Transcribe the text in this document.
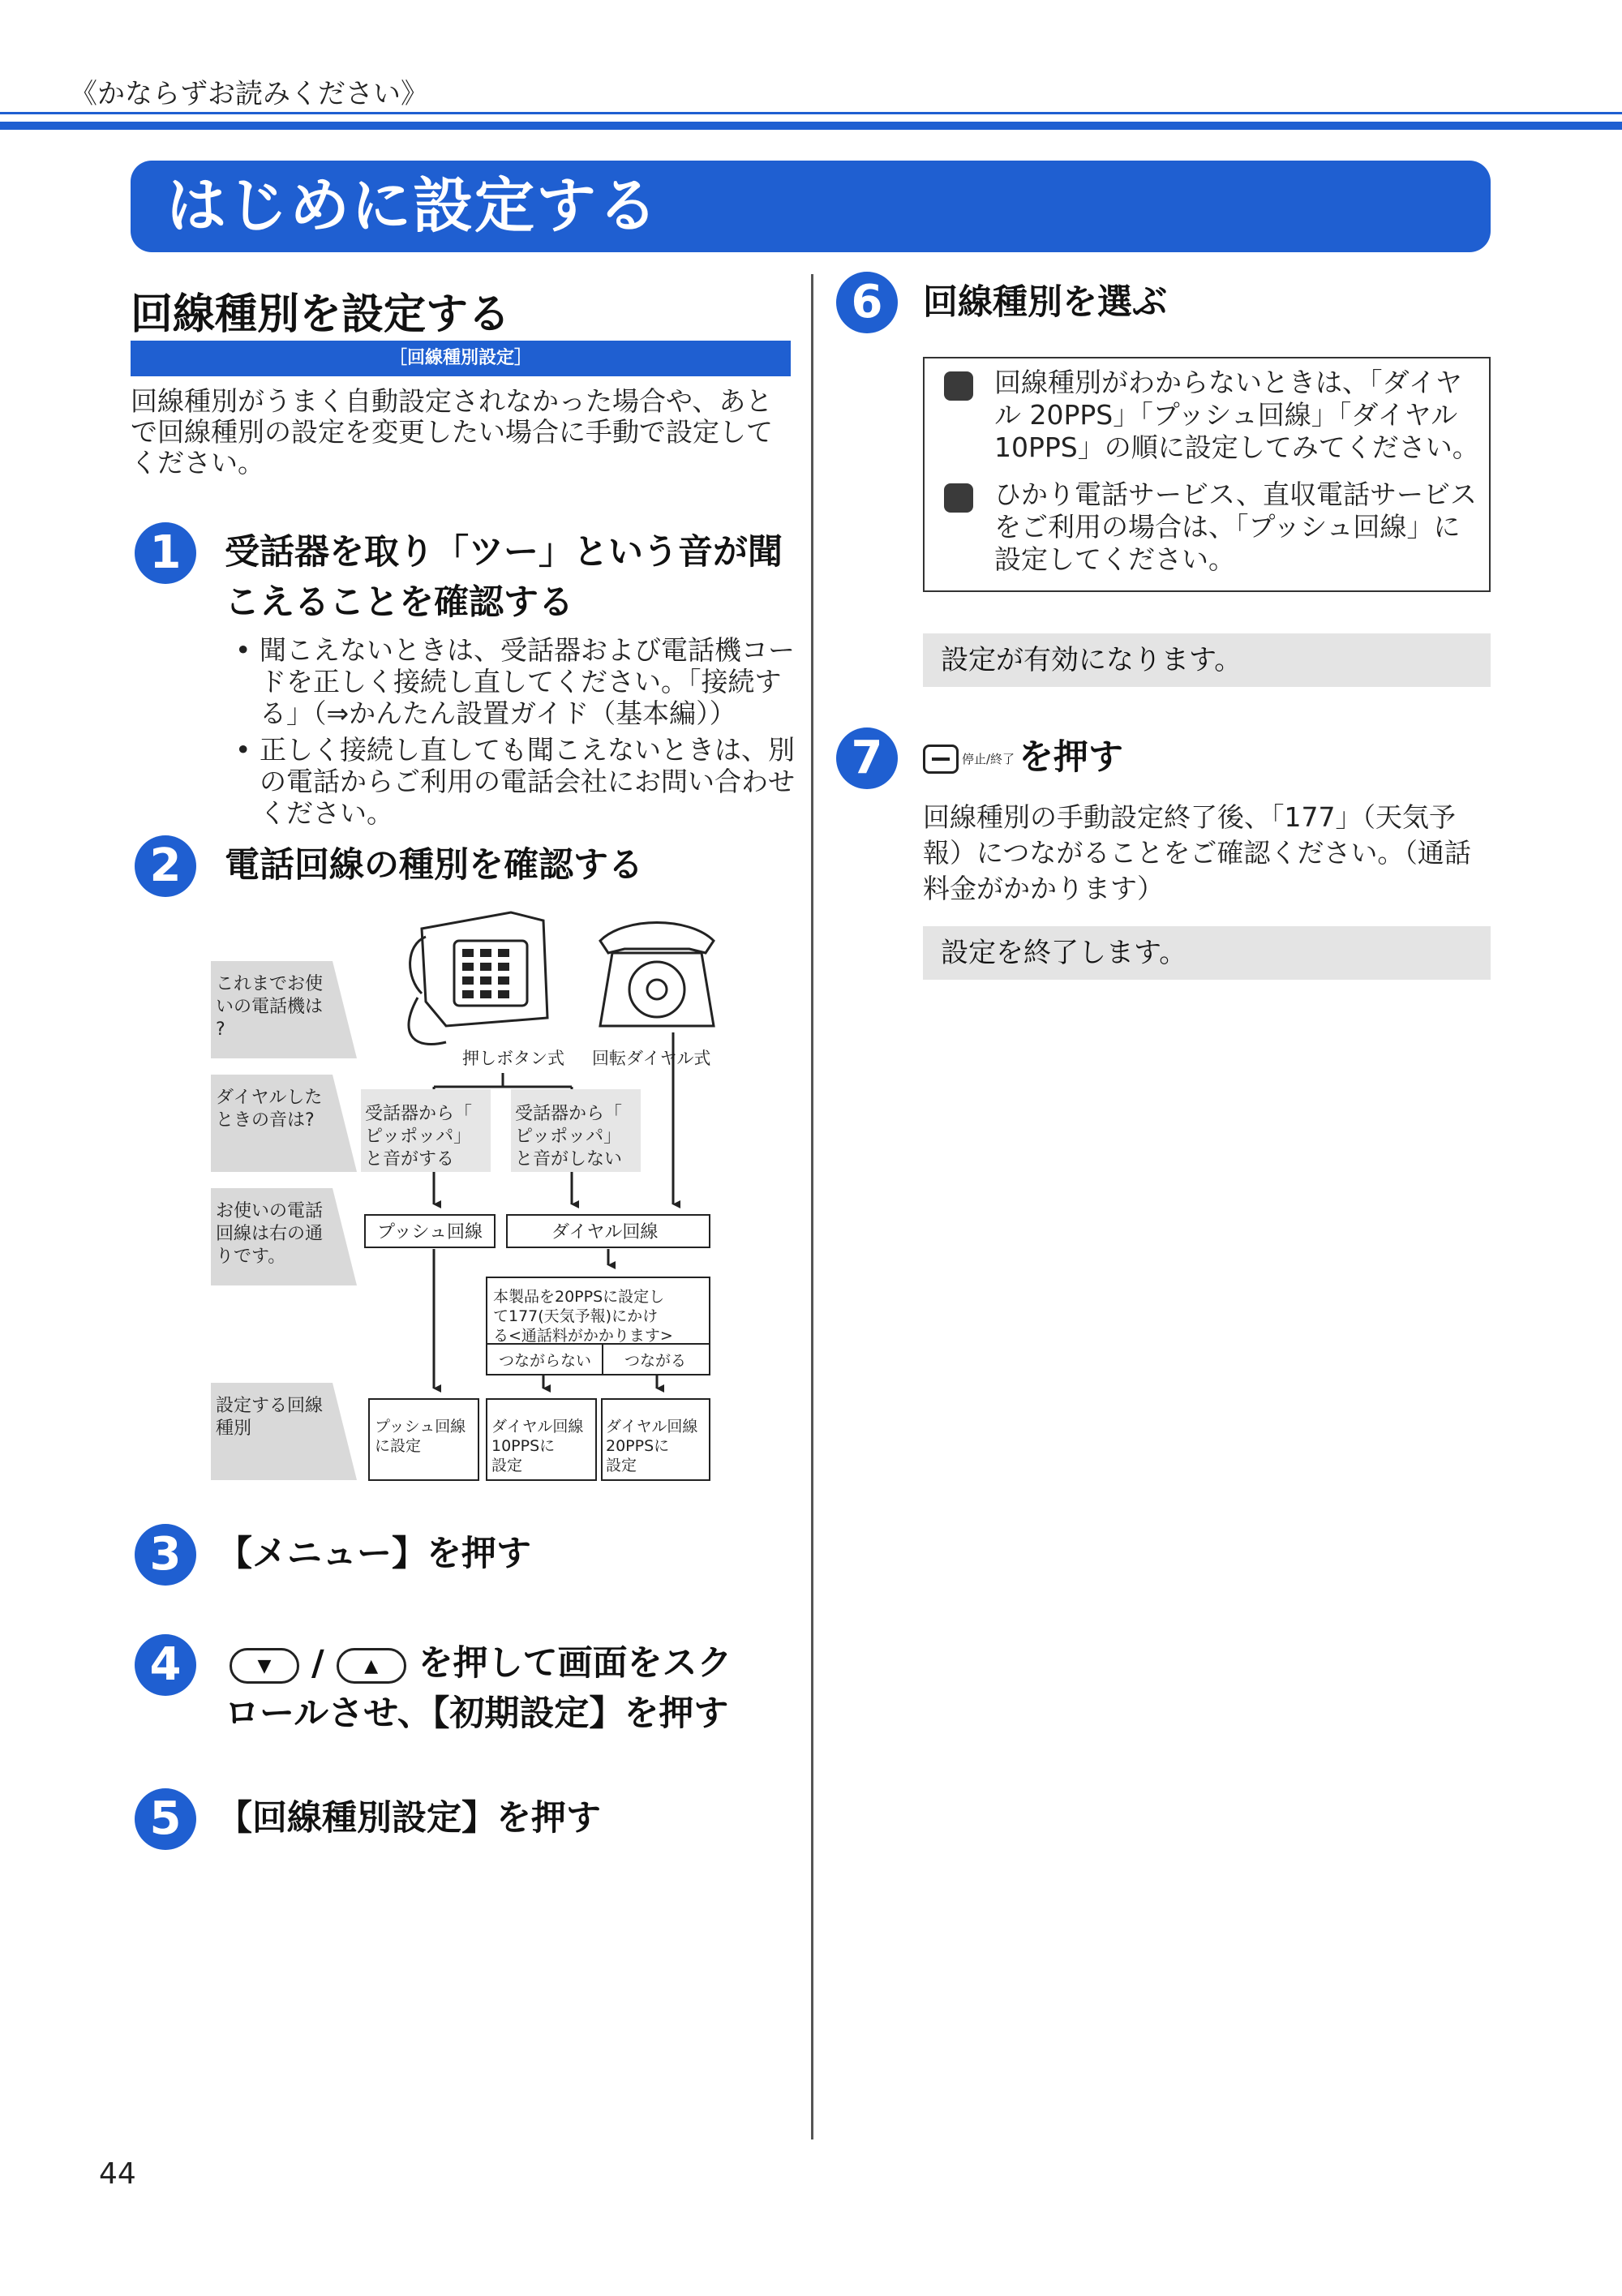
《かならずお読みください》
はじめに設定する
回線種別を設定する
［回線種別設定］
回線種別がうまく自動設定されなかった場合や、あとで回線種別の設定を変更したい場合に手動で設定してください。
1	受話器を取り「ツー」という音が聞
こえることを確認する
• 聞こえないときは、受話器および電話機コードを正しく接続し直してください。「接続する」（⇒かんたん設置ガイド（基本編））
• 正しく接続し直しても聞こえないときは、別の電話からご利用の電話会社にお問い合わせください。
2	電話回線の種別を確認する
押しボタン式 回転ダイヤル式
これまでお使いの電話機は?
ダイヤルしたときの音は?
お使いの電話回線は右の通りです。
設定する回線種別
受話器から「ピッポッパ」と音がする
受話器から「ピッポッパ」と音がしない
プッシュ回線	ダイヤル回線
本製品を20PPSに設定して177(天気予報)にかける<通話料がかかります>
つながらない つながる
プッシュ回線に設定
ダイヤル回線 10PPSに設定
ダイヤル回線 20PPSに設定
3	【メニュー】を押す
4	▼ / ▲ を押して画面をスク
ロールさせ、【初期設定】を押す
5	【回線種別設定】を押す
6	回線種別を選ぶ
回線種別がわからないときは、「ダイヤル 20PPS」「プッシュ回線」「ダイヤル10PPS」の順に設定してみてください。
ひかり電話サービス、直収電話サービスをご利用の場合は、「プッシュ回線」に設定してください。
設定が有効になります。
7	停止/終了 を押す
回線種別の手動設定終了後、「177」（天気予報）につながることをご確認ください。（通話料金がかかります）
設定を終了します。
44
